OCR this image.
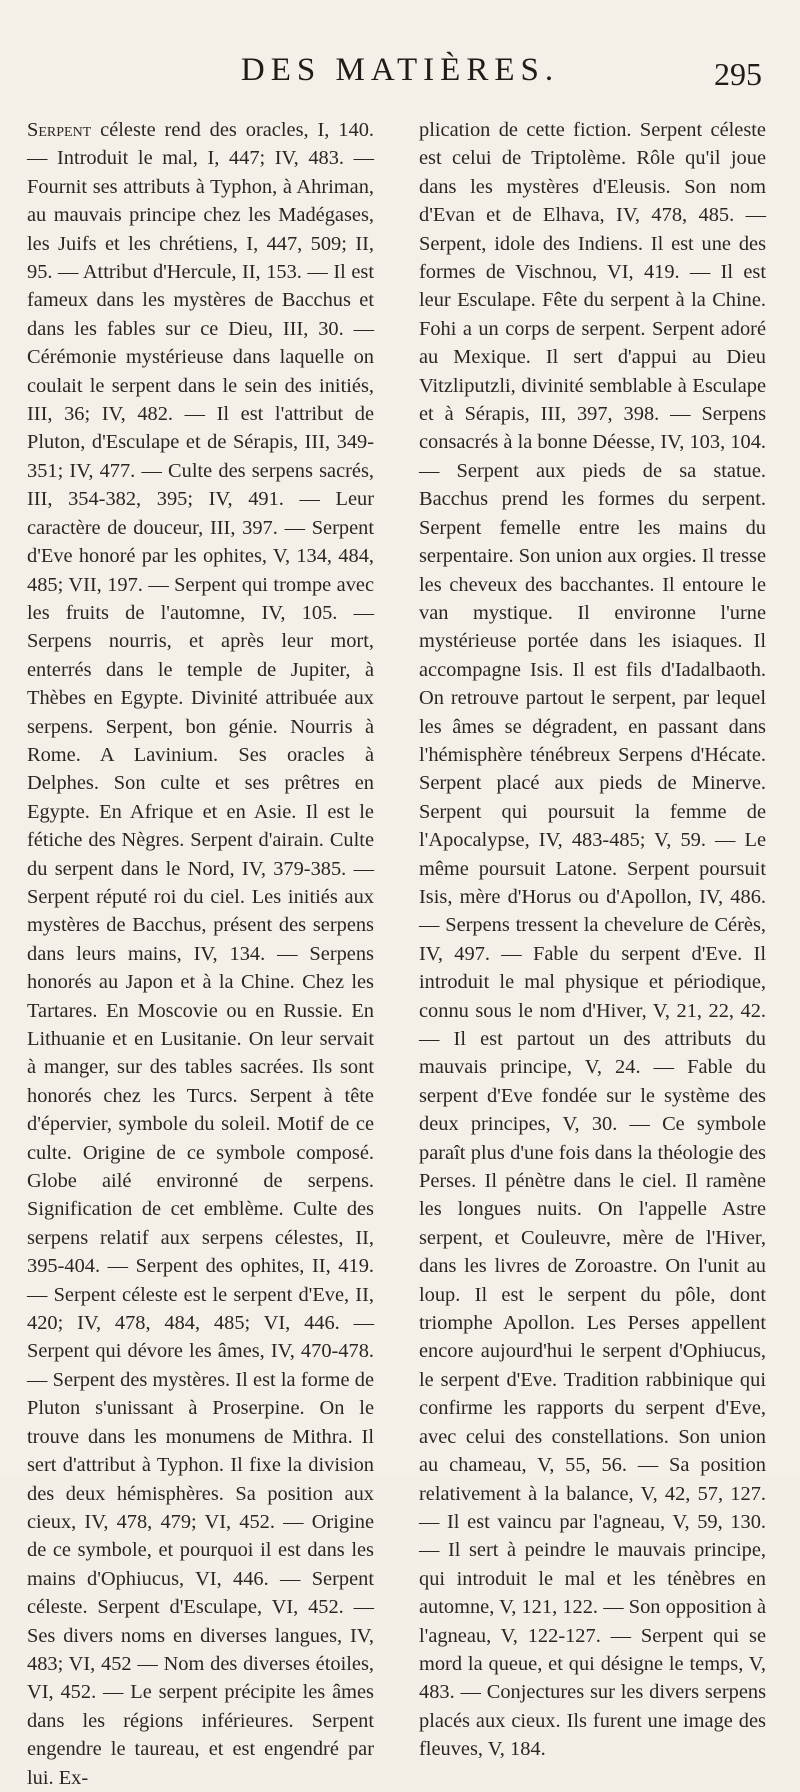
DES MATIÈRES.	295
Serpent céleste rend des oracles, I, 140. — Introduit le mal, I, 447; IV, 483. — Fournit ses attributs à Typhon, à Ahriman, au mauvais principe chez les Madégases, les Juifs et les chrétiens, I, 447, 509; II, 95. — Attribut d'Hercule, II, 153. — Il est fameux dans les mystères de Bacchus et dans les fables sur ce Dieu, III, 30. — Cérémonie mystérieuse dans laquelle on coulait le serpent dans le sein des initiés, III, 36; IV, 482. — Il est l'attribut de Pluton, d'Esculape et de Sérapis, III, 349-351; IV, 477. — Culte des serpens sacrés, III, 354-382, 395; IV, 491. — Leur caractère de douceur, III, 397. — Serpent d'Eve honoré par les ophites, V, 134, 484, 485; VII, 197. — Serpent qui trompe avec les fruits de l'automne, IV, 105. — Serpens nourris, et après leur mort, enterrés dans le temple de Jupiter, à Thèbes en Egypte. Divinité attribuée aux serpens. Serpent, bon génie. Nourris à Rome. A Lavinium. Ses oracles à Delphes. Son culte et ses prêtres en Egypte. En Afrique et en Asie. Il est le fétiche des Nègres. Serpent d'airain. Culte du serpent dans le Nord, IV, 379-385. — Serpent réputé roi du ciel. Les initiés aux mystères de Bacchus, présent des serpens dans leurs mains, IV, 134. — Serpens honorés au Japon et à la Chine. Chez les Tartares. En Moscovie ou en Russie. En Lithuanie et en Lusitanie. On leur servait à manger, sur des tables sacrées. Ils sont honorés chez les Turcs. Serpent à tête d'épervier, symbole du soleil. Motif de ce culte. Origine de ce symbole composé. Globe ailé environné de serpens. Signification de cet emblème. Culte des serpens relatif aux serpens célestes, II, 395-404. — Serpent des ophites, II, 419. — Serpent céleste est le serpent d'Eve, II, 420; IV, 478, 484, 485; VI, 446. — Serpent qui dévore les âmes, IV, 470-478. — Serpent des mystères. Il est la forme de Pluton s'unissant à Proserpine. On le trouve dans les monumens de Mithra. Il sert d'attribut à Typhon. Il fixe la division des deux hémisphères. Sa position aux cieux, IV, 478, 479; VI, 452. — Origine de ce symbole, et pourquoi il est dans les mains d'Ophiucus, VI, 446. — Serpent céleste. Serpent d'Esculape, VI, 452. — Ses divers noms en diverses langues, IV, 483; VI, 452 — Nom des diverses étoiles, VI, 452. — Le serpent précipite les âmes dans les régions inférieures. Serpent engendre le taureau, et est engendré par lui. Ex-
plication de cette fiction. Serpent céleste est celui de Triptolème. Rôle qu'il joue dans les mystères d'Eleusis. Son nom d'Evan et de Elhava, IV, 478, 485. — Serpent, idole des Indiens. Il est une des formes de Vischnou, VI, 419. — Il est leur Esculape. Fête du serpent à la Chine. Fohi a un corps de serpent. Serpent adoré au Mexique. Il sert d'appui au Dieu Vitzliputzli, divinité semblable à Esculape et à Sérapis, III, 397, 398. — Serpens consacrés à la bonne Déesse, IV, 103, 104. — Serpent aux pieds de sa statue. Bacchus prend les formes du serpent. Serpent femelle entre les mains du serpentaire. Son union aux orgies. Il tresse les cheveux des bacchantes. Il entoure le van mystique. Il environne l'urne mystérieuse portée dans les isiaques. Il accompagne Isis. Il est fils d'Iadalbaoth. On retrouve partout le serpent, par lequel les âmes se dégradent, en passant dans l'hémisphère ténébreux Serpens d'Hécate. Serpent placé aux pieds de Minerve. Serpent qui poursuit la femme de l'Apocalypse, IV, 483-485; V, 59. — Le même poursuit Latone. Serpent poursuit Isis, mère d'Horus ou d'Apollon, IV, 486. — Serpens tressent la chevelure de Cérès, IV, 497. — Fable du serpent d'Eve. Il introduit le mal physique et périodique, connu sous le nom d'Hiver, V, 21, 22, 42. — Il est partout un des attributs du mauvais principe, V, 24. — Fable du serpent d'Eve fondée sur le système des deux principes, V, 30. — Ce symbole paraît plus d'une fois dans la théologie des Perses. Il pénètre dans le ciel. Il ramène les longues nuits. On l'appelle Astre serpent, et Couleuvre, mère de l'Hiver, dans les livres de Zoroastre. On l'unit au loup. Il est le serpent du pôle, dont triomphe Apollon. Les Perses appellent encore aujourd'hui le serpent d'Ophiucus, le serpent d'Eve. Tradition rabbinique qui confirme les rapports du serpent d'Eve, avec celui des constellations. Son union au chameau, V, 55, 56. — Sa position relativement à la balance, V, 42, 57, 127. — Il est vaincu par l'agneau, V, 59, 130. — Il sert à peindre le mauvais principe, qui introduit le mal et les ténèbres en automne, V, 121, 122. — Son opposition à l'agneau, V, 122-127. — Serpent qui se mord la queue, et qui désigne le temps, V, 483. — Conjectures sur les divers serpens placés aux cieux. Ils furent une image des fleuves, V, 184.
